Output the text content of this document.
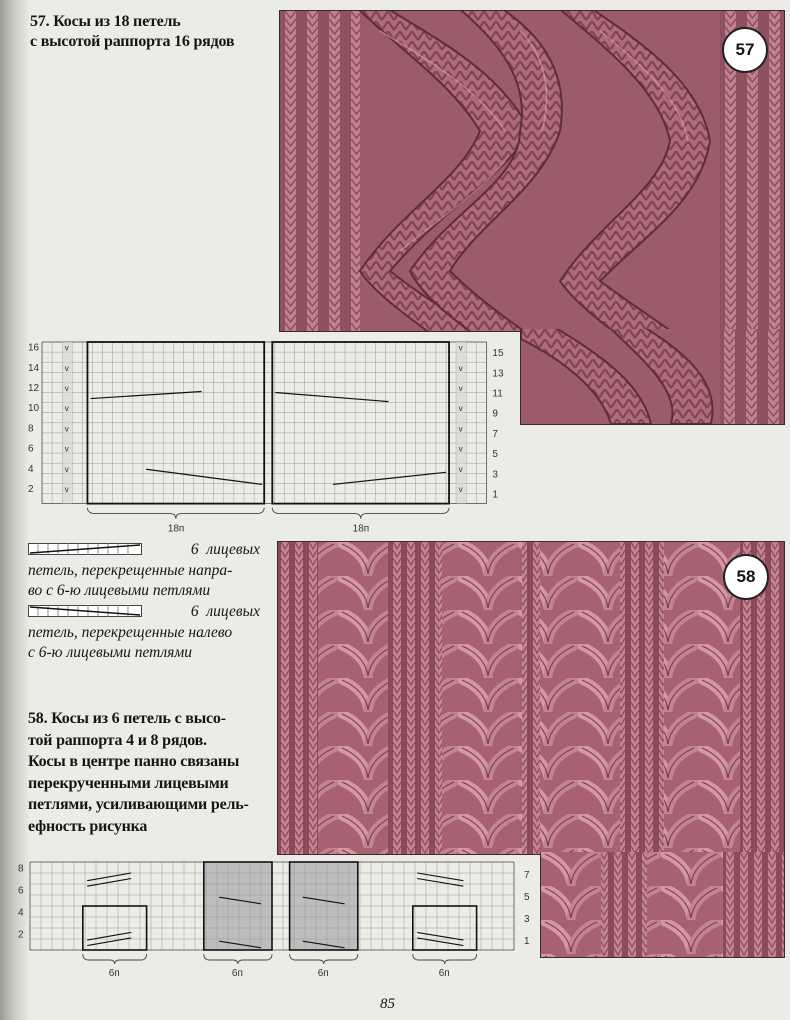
57. Косы из 18 петель
с высотой раппорта 16 рядов	57
v	v
v	v
v	v
v	v
v	v
v	v
v	v
v	v
16
14
12
10
8
6
4
2
15
13
11
9
7
5
3
1
18п	18п
6 лицевых
петель, перекрещенные напра-
во с 6-ю лицевыми петлями
6 лицевых
петель, перекрещенные налево
с 6-ю лицевыми петлями
58. Косы из 6 петель с высо-
той раппорта 4 и 8 рядов.
Косы в центре панно связаны
перекрученными лицевыми
петлями, усиливающими рель-
ефность рисунка
58
8
6
4
2
7
5
3
1
6п	6п	6п	6п
85
